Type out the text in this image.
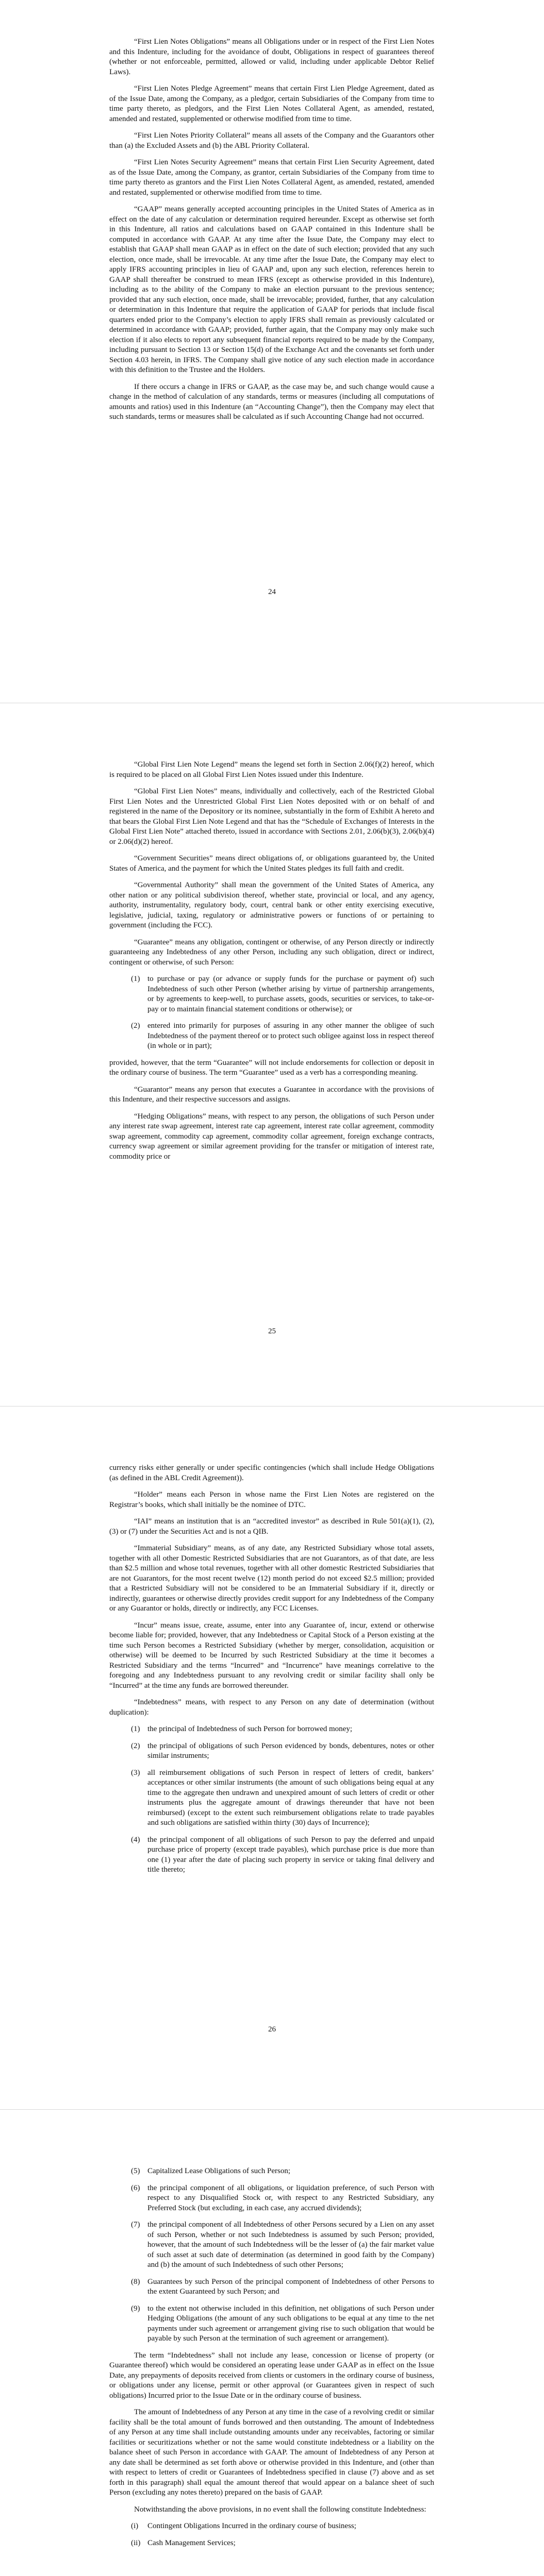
“First Lien Notes Obligations” means all Obligations under or in respect of the First Lien Notes and this Indenture, including for the avoidance of doubt, Obligations in respect of guarantees thereof (whether or not enforceable, permitted, allowed or valid, including under applicable Debtor Relief Laws).

“First Lien Notes Pledge Agreement” means that certain First Lien Pledge Agreement, dated as of the Issue Date, among the Company, as a pledgor, certain Subsidiaries of the Company from time to time party thereto, as pledgors, and the First Lien Notes Collateral Agent, as amended, restated, amended and restated, supplemented or otherwise modified from time to time.

“First Lien Notes Priority Collateral” means all assets of the Company and the Guarantors other than (a) the Excluded Assets and (b) the ABL Priority Collateral.

“First Lien Notes Security Agreement” means that certain First Lien Security Agreement, dated as of the Issue Date, among the Company, as grantor, certain Subsidiaries of the Company from time to time party thereto as grantors and the First Lien Notes Collateral Agent, as amended, restated, amended and restated, supplemented or otherwise modified from time to time.

“GAAP” means generally accepted accounting principles in the United States of America as in effect on the date of any calculation or determination required hereunder. Except as otherwise set forth in this Indenture, all ratios and calculations based on GAAP contained in this Indenture shall be computed in accordance with GAAP. At any time after the Issue Date, the Company may elect to establish that GAAP shall mean GAAP as in effect on the date of such election; provided that any such election, once made, shall be irrevocable. At any time after the Issue Date, the Company may elect to apply IFRS accounting principles in lieu of GAAP and, upon any such election, references herein to GAAP shall thereafter be construed to mean IFRS (except as otherwise provided in this Indenture), including as to the ability of the Company to make an election pursuant to the previous sentence; provided that any such election, once made, shall be irrevocable; provided, further, that any calculation or determination in this Indenture that require the application of GAAP for periods that include fiscal quarters ended prior to the Company’s election to apply IFRS shall remain as previously calculated or determined in accordance with GAAP; provided, further again, that the Company may only make such election if it also elects to report any subsequent financial reports required to be made by the Company, including pursuant to Section 13 or Section 15(d) of the Exchange Act and the covenants set forth under Section 4.03 herein, in IFRS. The Company shall give notice of any such election made in accordance with this definition to the Trustee and the Holders.

If there occurs a change in IFRS or GAAP, as the case may be, and such change would cause a change in the method of calculation of any standards, terms or measures (including all computations of amounts and ratios) used in this Indenture (an “Accounting Change”), then the Company may elect that such standards, terms or measures shall be calculated as if such Accounting Change had not occurred.

24

“Global First Lien Note Legend” means the legend set forth in Section 2.06(f)(2) hereof, which is required to be placed on all Global First Lien Notes issued under this Indenture.

“Global First Lien Notes” means, individually and collectively, each of the Restricted Global First Lien Notes and the Unrestricted Global First Lien Notes deposited with or on behalf of and registered in the name of the Depository or its nominee, substantially in the form of Exhibit A hereto and that bears the Global First Lien Note Legend and that has the “Schedule of Exchanges of Interests in the Global First Lien Note” attached thereto, issued in accordance with Sections 2.01, 2.06(b)(3), 2.06(b)(4) or 2.06(d)(2) hereof.

“Government Securities” means direct obligations of, or obligations guaranteed by, the United States of America, and the payment for which the United States pledges its full faith and credit.

“Governmental Authority” shall mean the government of the United States of America, any other nation or any political subdivision thereof, whether state, provincial or local, and any agency, authority, instrumentality, regulatory body, court, central bank or other entity exercising executive, legislative, judicial, taxing, regulatory or administrative powers or functions of or pertaining to government (including the FCC).

“Guarantee” means any obligation, contingent or otherwise, of any Person directly or indirectly guaranteeing any Indebtedness of any other Person, including any such obligation, direct or indirect, contingent or otherwise, of such Person:

(1) to purchase or pay (or advance or supply funds for the purchase or payment of) such Indebtedness of such other Person (whether arising by virtue of partnership arrangements, or by agreements to keep-well, to purchase assets, goods, securities or services, to take-or-pay or to maintain financial statement conditions or otherwise); or
(2) entered into primarily for purposes of assuring in any other manner the obligee of such Indebtedness of the payment thereof or to protect such obligee against loss in respect thereof (in whole or in part);

provided, however, that the term “Guarantee” will not include endorsements for collection or deposit in the ordinary course of business. The term “Guarantee” used as a verb has a corresponding meaning.

“Guarantor” means any person that executes a Guarantee in accordance with the provisions of this Indenture, and their respective successors and assigns.

“Hedging Obligations” means, with respect to any person, the obligations of such Person under any interest rate swap agreement, interest rate cap agreement, interest rate collar agreement, commodity swap agreement, commodity cap agreement, commodity collar agreement, foreign exchange contracts, currency swap agreement or similar agreement providing for the transfer or mitigation of interest rate, commodity price or

25

currency risks either generally or under specific contingencies (which shall include Hedge Obligations (as defined in the ABL Credit Agreement)).

“Holder” means each Person in whose name the First Lien Notes are registered on the Registrar’s books, which shall initially be the nominee of DTC.

“IAI” means an institution that is an “accredited investor” as described in Rule 501(a)(1), (2), (3) or (7) under the Securities Act and is not a QIB.

“Immaterial Subsidiary” means, as of any date, any Restricted Subsidiary whose total assets, together with all other Domestic Restricted Subsidiaries that are not Guarantors, as of that date, are less than $2.5 million and whose total revenues, together with all other domestic Restricted Subsidiaries that are not Guarantors, for the most recent twelve (12) month period do not exceed $2.5 million; provided that a Restricted Subsidiary will not be considered to be an Immaterial Subsidiary if it, directly or indirectly, guarantees or otherwise directly provides credit support for any Indebtedness of the Company or any Guarantor or holds, directly or indirectly, any FCC Licenses.

“Incur” means issue, create, assume, enter into any Guarantee of, incur, extend or otherwise become liable for; provided, however, that any Indebtedness or Capital Stock of a Person existing at the time such Person becomes a Restricted Subsidiary (whether by merger, consolidation, acquisition or otherwise) will be deemed to be Incurred by such Restricted Subsidiary at the time it becomes a Restricted Subsidiary and the terms “Incurred” and “Incurrence” have meanings correlative to the foregoing and any Indebtedness pursuant to any revolving credit or similar facility shall only be “Incurred” at the time any funds are borrowed thereunder.

“Indebtedness” means, with respect to any Person on any date of determination (without duplication):

(1) the principal of Indebtedness of such Person for borrowed money;
(2) the principal of obligations of such Person evidenced by bonds, debentures, notes or other similar instruments;
(3) all reimbursement obligations of such Person in respect of letters of credit, bankers’ acceptances or other similar instruments (the amount of such obligations being equal at any time to the aggregate then undrawn and unexpired amount of such letters of credit or other instruments plus the aggregate amount of drawings thereunder that have not been reimbursed) (except to the extent such reimbursement obligations relate to trade payables and such obligations are satisfied within thirty (30) days of Incurrence);
(4) the principal component of all obligations of such Person to pay the deferred and unpaid purchase price of property (except trade payables), which purchase price is due more than one (1) year after the date of placing such property in service or taking final delivery and title thereto;
26
(5) Capitalized Lease Obligations of such Person;
(6) the principal component of all obligations, or liquidation preference, of such Person with respect to any Disqualified Stock or, with respect to any Restricted Subsidiary, any Preferred Stock (but excluding, in each case, any accrued dividends);
(7) the principal component of all Indebtedness of other Persons secured by a Lien on any asset of such Person, whether or not such Indebtedness is assumed by such Person; provided, however, that the amount of such Indebtedness will be the lesser of (a) the fair market value of such asset at such date of determination (as determined in good faith by the Company) and (b) the amount of such Indebtedness of such other Persons;
(8) Guarantees by such Person of the principal component of Indebtedness of other Persons to the extent Guaranteed by such Person; and
(9) to the extent not otherwise included in this definition, net obligations of such Person under Hedging Obligations (the amount of any such obligations to be equal at any time to the net payments under such agreement or arrangement giving rise to such obligation that would be payable by such Person at the termination of such agreement or arrangement).

The term “Indebtedness” shall not include any lease, concession or license of property (or Guarantee thereof) which would be considered an operating lease under GAAP as in effect on the Issue Date, any prepayments of deposits received from clients or customers in the ordinary course of business, or obligations under any license, permit or other approval (or Guarantees given in respect of such obligations) Incurred prior to the Issue Date or in the ordinary course of business.

The amount of Indebtedness of any Person at any time in the case of a revolving credit or similar facility shall be the total amount of funds borrowed and then outstanding. The amount of Indebtedness of any Person at any time shall include outstanding amounts under any receivables, factoring or similar facilities or securitizations whether or not the same would constitute indebtedness or a liability on the balance sheet of such Person in accordance with GAAP. The amount of Indebtedness of any Person at any date shall be determined as set forth above or otherwise provided in this Indenture, and (other than with respect to letters of credit or Guarantees of Indebtedness specified in clause (7) above and as set forth in this paragraph) shall equal the amount thereof that would appear on a balance sheet of such Person (excluding any notes thereto) prepared on the basis of GAAP.

Notwithstanding the above provisions, in no event shall the following constitute Indebtedness:

(i)	Contingent Obligations Incurred in the ordinary course of business;
(ii) Cash Management Services;
